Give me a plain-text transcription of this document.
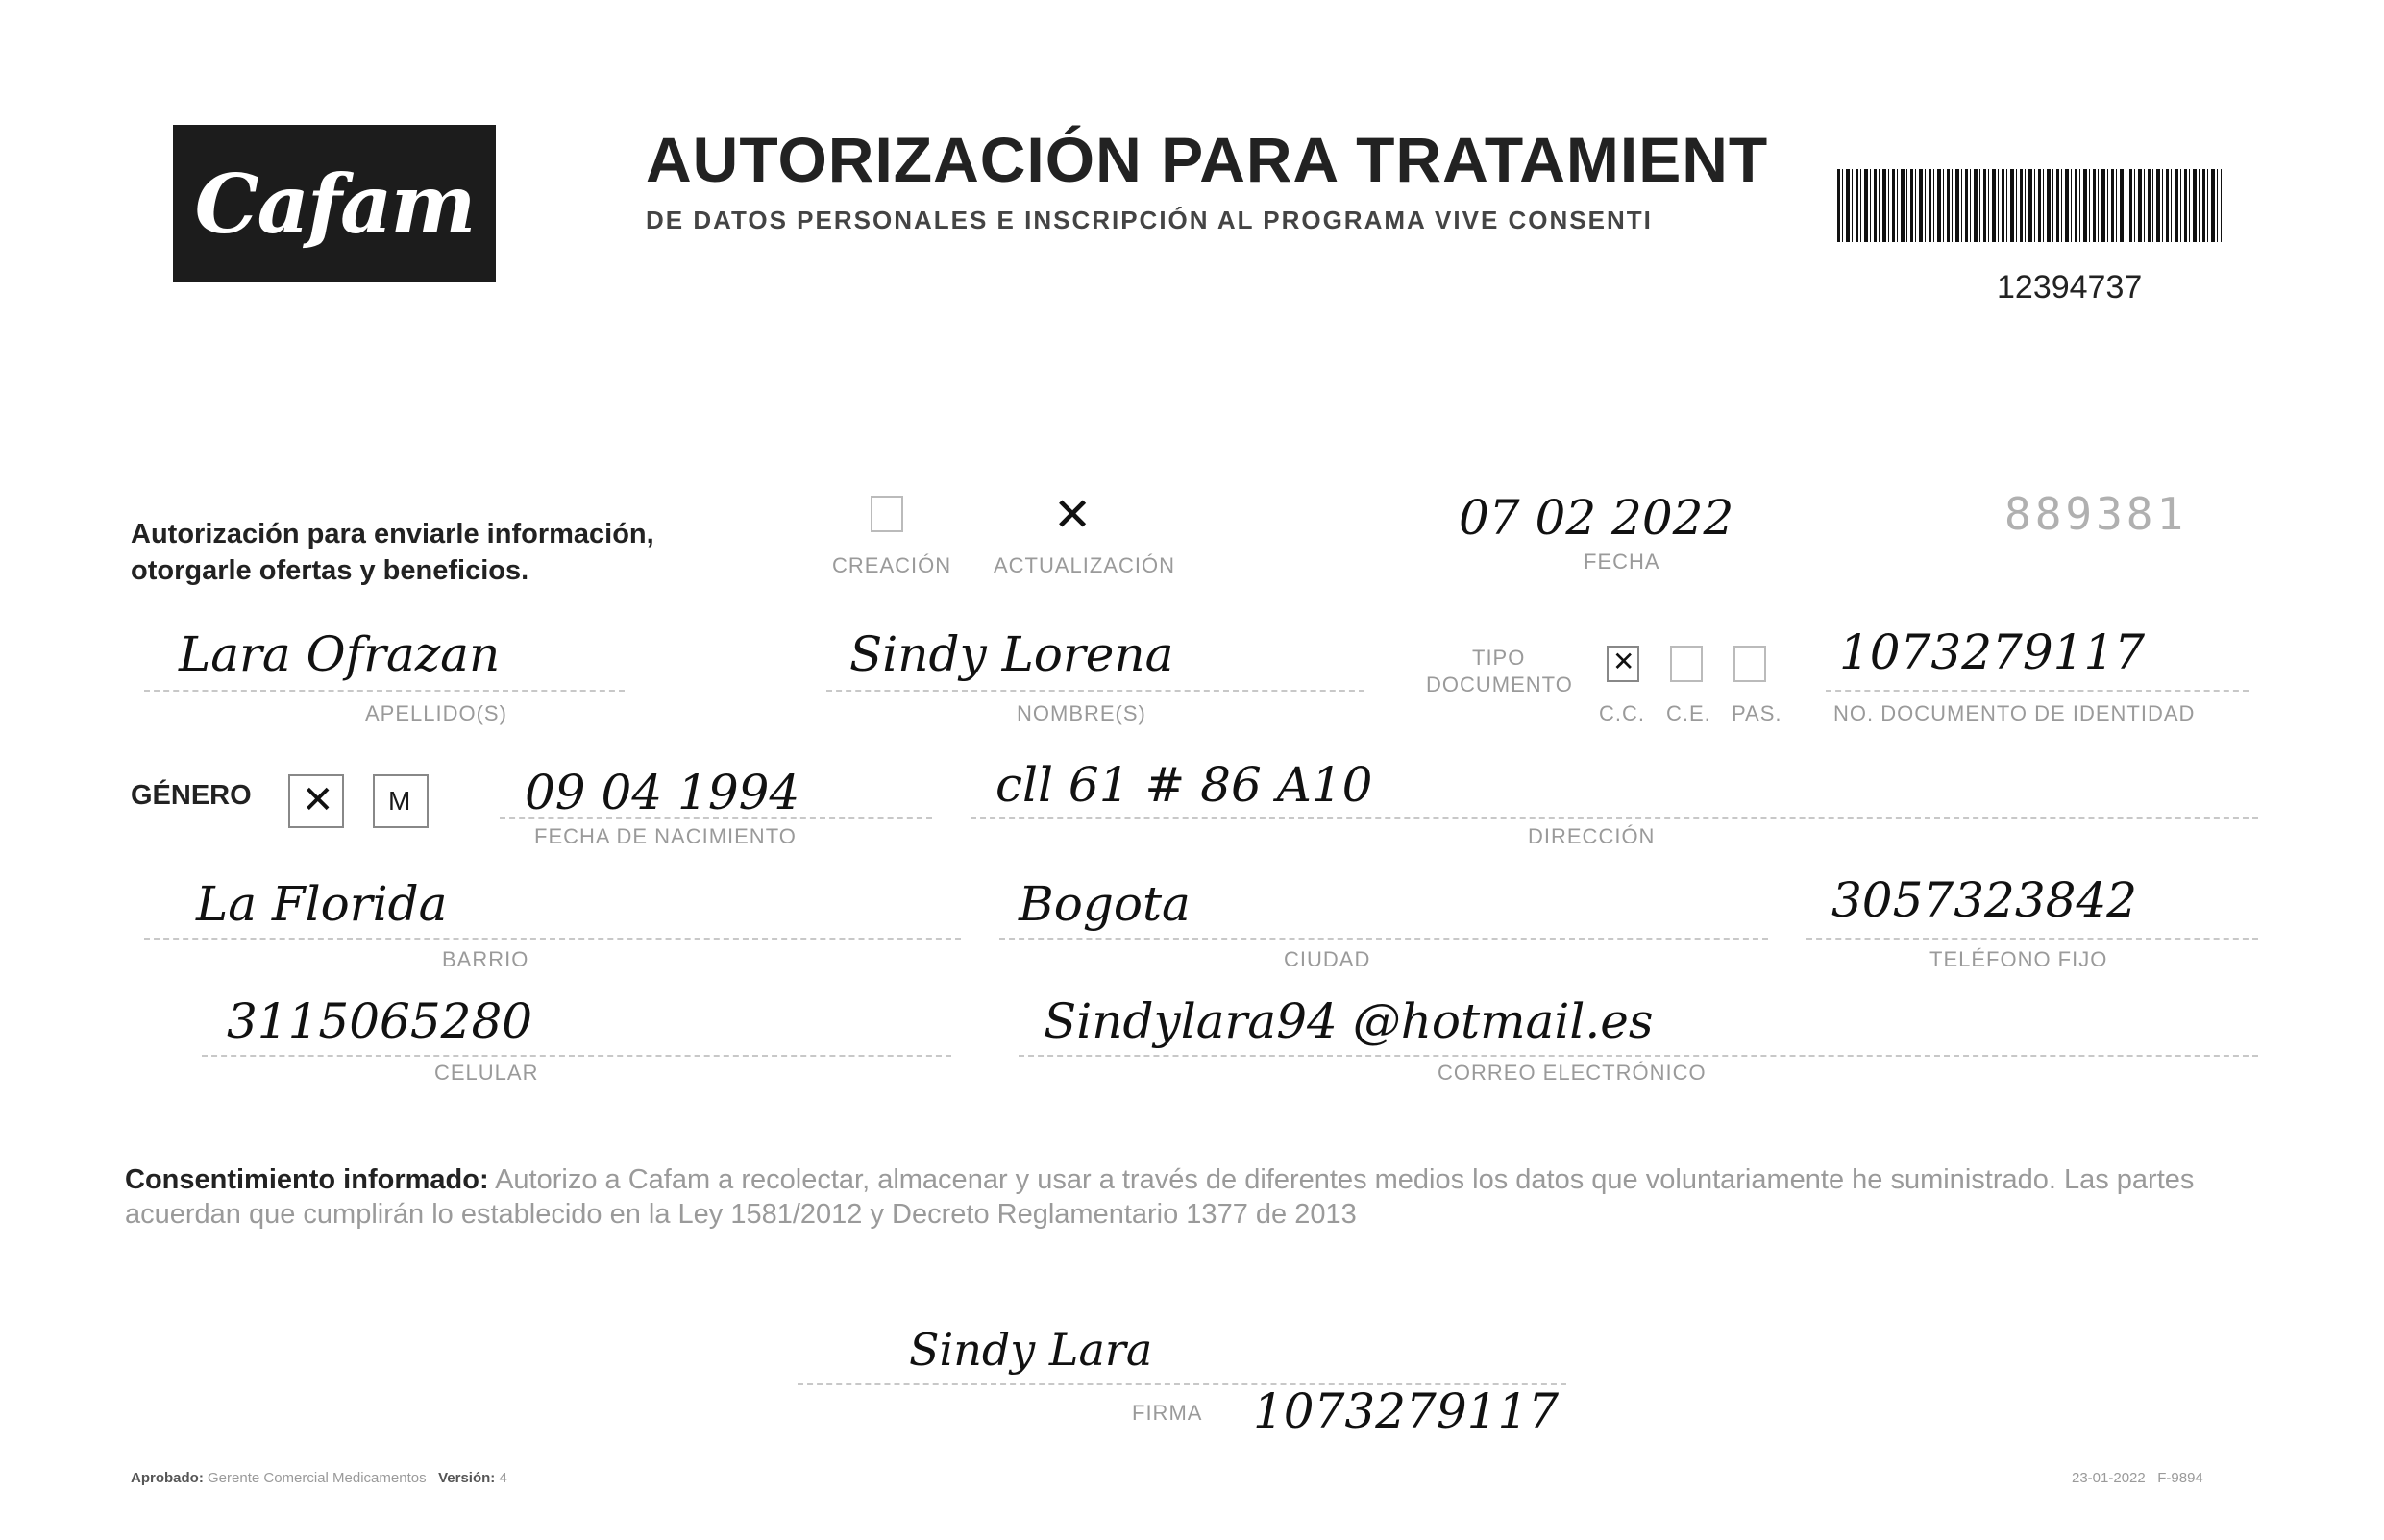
Cafam	AUTORIZACIÓN PARA TRATAMIENT
DE DATOS PERSONALES E INSCRIPCIÓN AL PROGRAMA VIVE CONSENTI
12394737
Autorización para enviarle información,
otorgarle ofertas y beneficios.	CREACIÓN
✕
ACTUALIZACIÓN
07 02 2022
FECHA
889381
Lara Ofrazan
APELLIDO(S)
Sindy Lorena
NOMBRE(S)
TIPO
DOCUMENTO
✕
C.C. C.E. PAS.
1073279117
NO. DOCUMENTO DE IDENTIDAD
GÉNERO ✕ M 09 04 1994
FECHA DE NACIMIENTO
cll 61 # 86 A10
DIRECCIÓN
La Florida
BARRIO
Bogota
CIUDAD
3057323842
TELÉFONO FIJO
3115065280
CELULAR
Sindylara94 @hotmail.es
CORREO ELECTRÓNICO
Consentimiento informado: Autorizo a Cafam a recolectar, almacenar y usar a través de diferentes medios los datos que voluntariamente he suministrado. Las partes acuerdan que cumplirán lo establecido en la Ley 1581/2012 y Decreto Reglamentario 1377 de 2013
Sindy Lara
FIRMA 1073279117
Aprobado: Gerente Comercial Medicamentos Versión: 4	23-01-2022 F-9894
